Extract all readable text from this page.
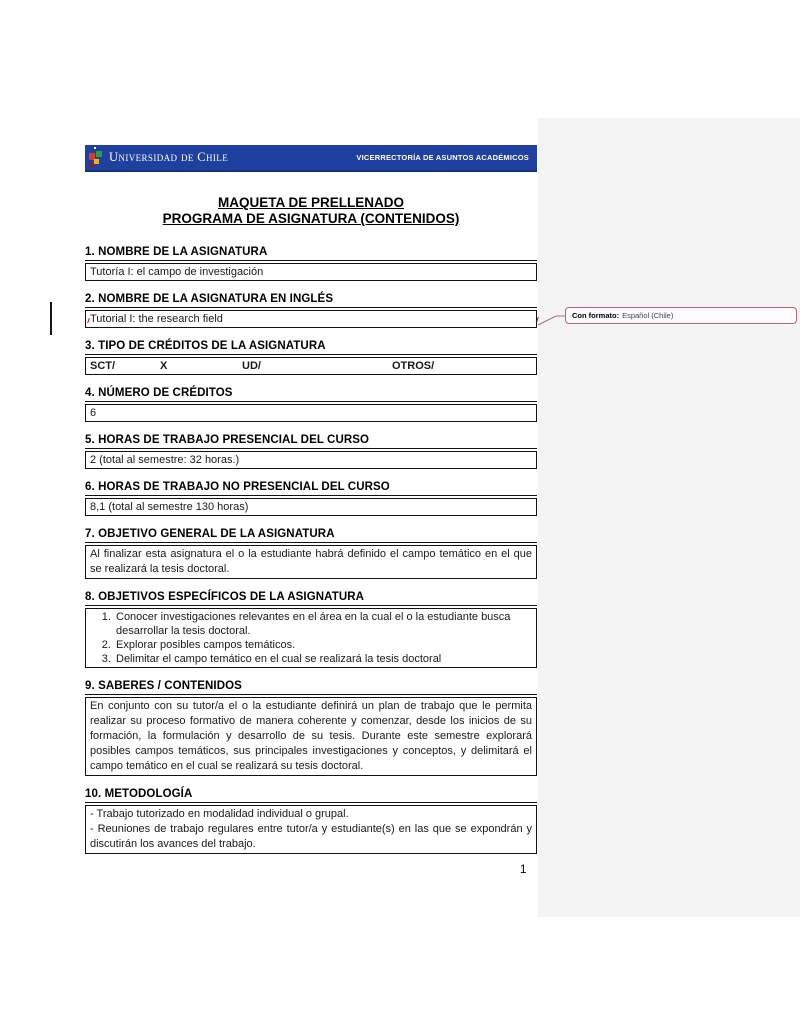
Universidad de Chile	VICERRECTORÍA DE ASUNTOS ACADÉMICOS
MAQUETA DE PRELLENADO
PROGRAMA DE ASIGNATURA (CONTENIDOS)
1. NOMBRE DE LA ASIGNATURA
Tutoría I: el campo de investigación
2. NOMBRE DE LA ASIGNATURA EN INGLÉS
Tutorial I: the research field
3. TIPO DE CRÉDITOS DE LA ASIGNATURA
SCT/	X	UD/	OTROS/
4. NÚMERO DE CRÉDITOS
6
5. HORAS DE TRABAJO PRESENCIAL DEL CURSO
2 (total al semestre: 32 horas.)
6. HORAS DE TRABAJO NO PRESENCIAL DEL CURSO
8,1 (total al semestre 130 horas)
7. OBJETIVO GENERAL DE LA ASIGNATURA
Al finalizar esta asignatura el o la estudiante habrá definido el campo temático en el que se realizará la tesis doctoral.
8. OBJETIVOS ESPECÍFICOS DE LA ASIGNATURA
1. Conocer investigaciones relevantes en el área en la cual el o la estudiante busca desarrollar la tesis doctoral.
2. Explorar posibles campos temáticos.
3. Delimitar el campo temático en el cual se realizará la tesis doctoral
9. SABERES / CONTENIDOS
En conjunto con su tutor/a el o la estudiante definirá un plan de trabajo que le permita realizar su proceso formativo de manera coherente y comenzar, desde los inicios de su formación, la formulación y desarrollo de su tesis. Durante este semestre explorará posibles campos temáticos, sus principales investigaciones y conceptos, y delimitará el campo temático en el cual se realizará su tesis doctoral.
10. METODOLOGÍA
- Trabajo tutorizado en modalidad individual o grupal.
- Reuniones de trabajo regulares entre tutor/a y estudiante(s) en las que se expondrán y discutirán los avances del trabajo.
Con formato: Español (Chile)
1
